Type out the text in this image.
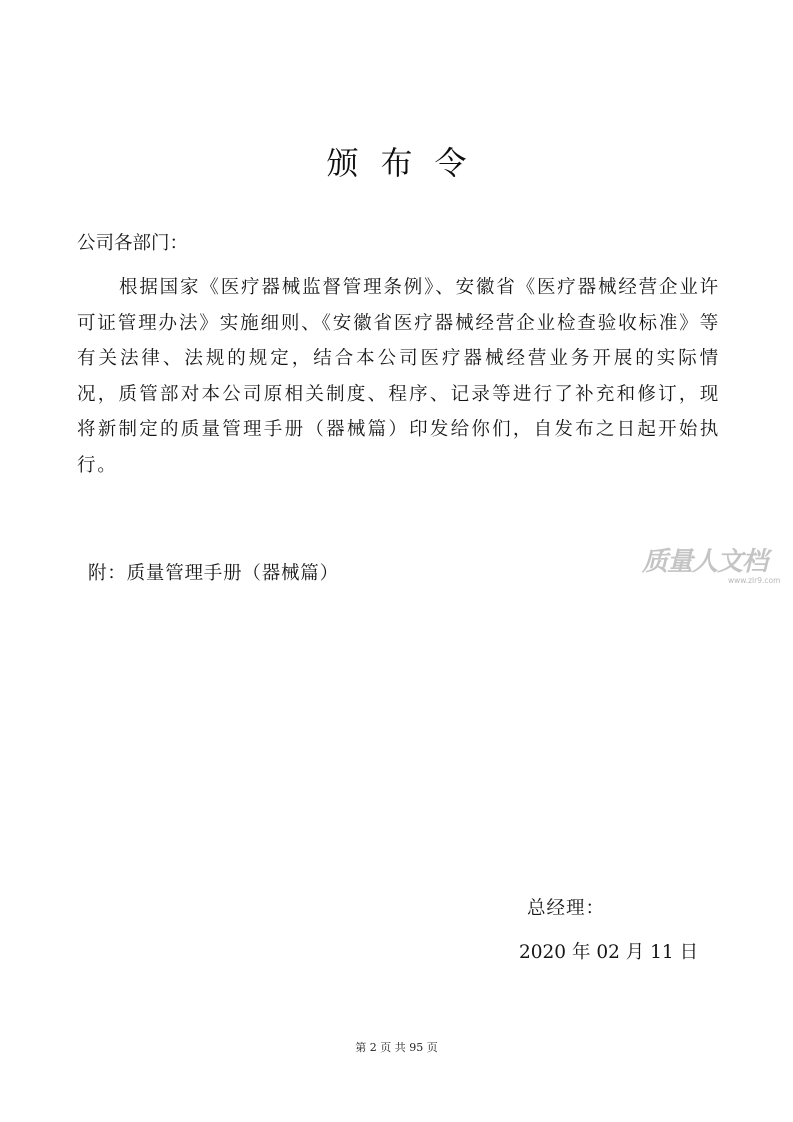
颁布令
公司各部门：
根据国家《医疗器械监督管理条例》、安徽省《医疗器械经营企业许可证管理办法》实施细则、《安徽省医疗器械经营企业检查验收标准》等有关法律、法规的规定，结合本公司医疗器械经营业务开展的实际情况，质管部对本公司原相关制度、程序、记录等进行了补充和修订，现将新制定的质量管理手册（器械篇）印发给你们，自发布之日起开始执行。
附：质量管理手册（器械篇）	质量人文档
www.zlr9.com
总经理：
2020 年 02 月 11 日
第 2 页 共 95 页
